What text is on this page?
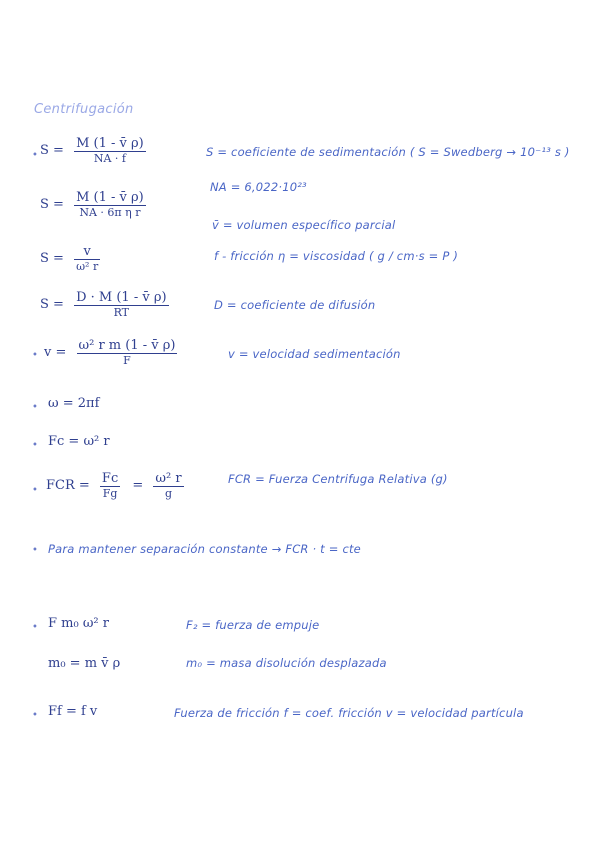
Centrifugación
• $S = \frac{M (1 - v̄ \rho)}{NA \cdot f}$	S = coeficiente de sedimentación ( S = Swedberg → 10⁻¹³ s )
NA = 6,022·10²³
$S = \frac{M (1 - v̄ \rho)}{\text{NA · 6π η r}}$
v̄ = volumen específico parcial
$S = \frac{v}{\text{ω² r}}$	f - fricción η = viscosidad ( g / cm·s = P )
$S = \frac{D \cdot M (1 - v̄ \rho)}{RT}$	D = coeficiente de difusión
• $v = \frac{\text{ω² r m (1 - v̄ ρ)}}{F}$	v = velocidad sedimentación
• ω = 2πf
• Fc = ω² r
• FCR = $\frac{Fc}{Fg} = \frac{\text{ω² r}}{g}$	FCR = Fuerza Centrifuga Relativa (g)
• Para mantener separación constante → FCR · t = cte
• F m₀ ω² r	F₂ = fuerza de empuje
m₀ = m v̄ ρ	m₀ = masa disolución desplazada
• Ff = f v	Fuerza de fricción f = coef. fricción v = velocidad partícula
